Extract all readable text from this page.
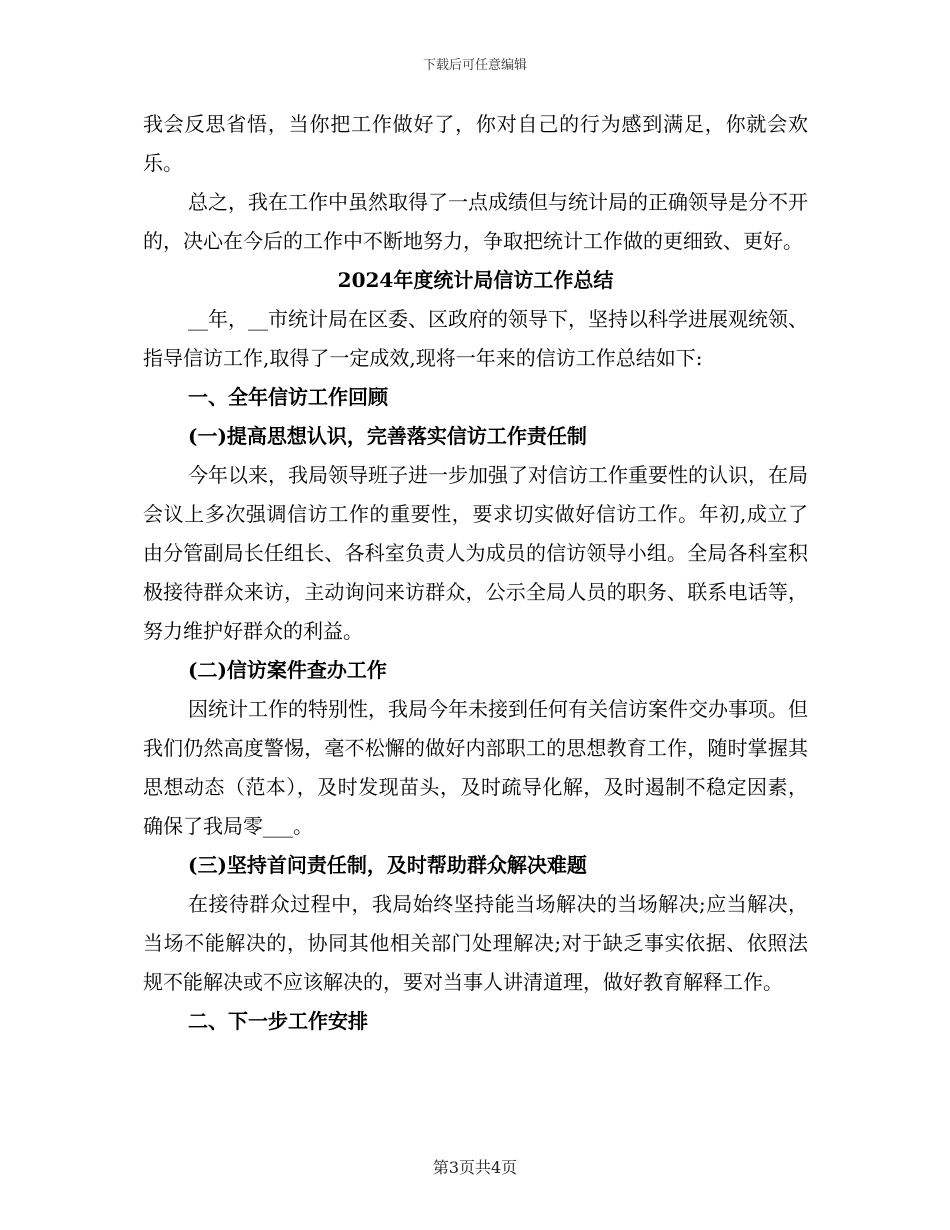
下载后可任意编辑

我会反思省悟，当你把工作做好了，你对自己的行为感到满足，你就会欢乐。

总之，我在工作中虽然取得了一点成绩但与统计局的正确领导是分不开的，决心在今后的工作中不断地努力，争取把统计工作做的更细致、更好。

2024年度统计局信访工作总结

__年，__市统计局在区委、区政府的领导下，坚持以科学进展观统领、指导信访工作,取得了一定成效,现将一年来的信访工作总结如下:

一、全年信访工作回顾

(一)提高思想认识，完善落实信访工作责任制

今年以来，我局领导班子进一步加强了对信访工作重要性的认识，在局会议上多次强调信访工作的重要性，要求切实做好信访工作。年初,成立了由分管副局长任组长、各科室负责人为成员的信访领导小组。全局各科室积极接待群众来访，主动询问来访群众，公示全局人员的职务、联系电话等，努力维护好群众的利益。

(二)信访案件查办工作

因统计工作的特别性，我局今年未接到任何有关信访案件交办事项。但我们仍然高度警惕，毫不松懈的做好内部职工的思想教育工作，随时掌握其思想动态（范本），及时发现苗头，及时疏导化解，及时遏制不稳定因素，确保了我局零___。

(三)坚持首问责任制，及时帮助群众解决难题

在接待群众过程中，我局始终坚持能当场解决的当场解决;应当解决，当场不能解决的，协同其他相关部门处理解决;对于缺乏事实依据、依照法规不能解决或不应该解决的，要对当事人讲清道理，做好教育解释工作。

二、下一步工作安排

第3页共4页
